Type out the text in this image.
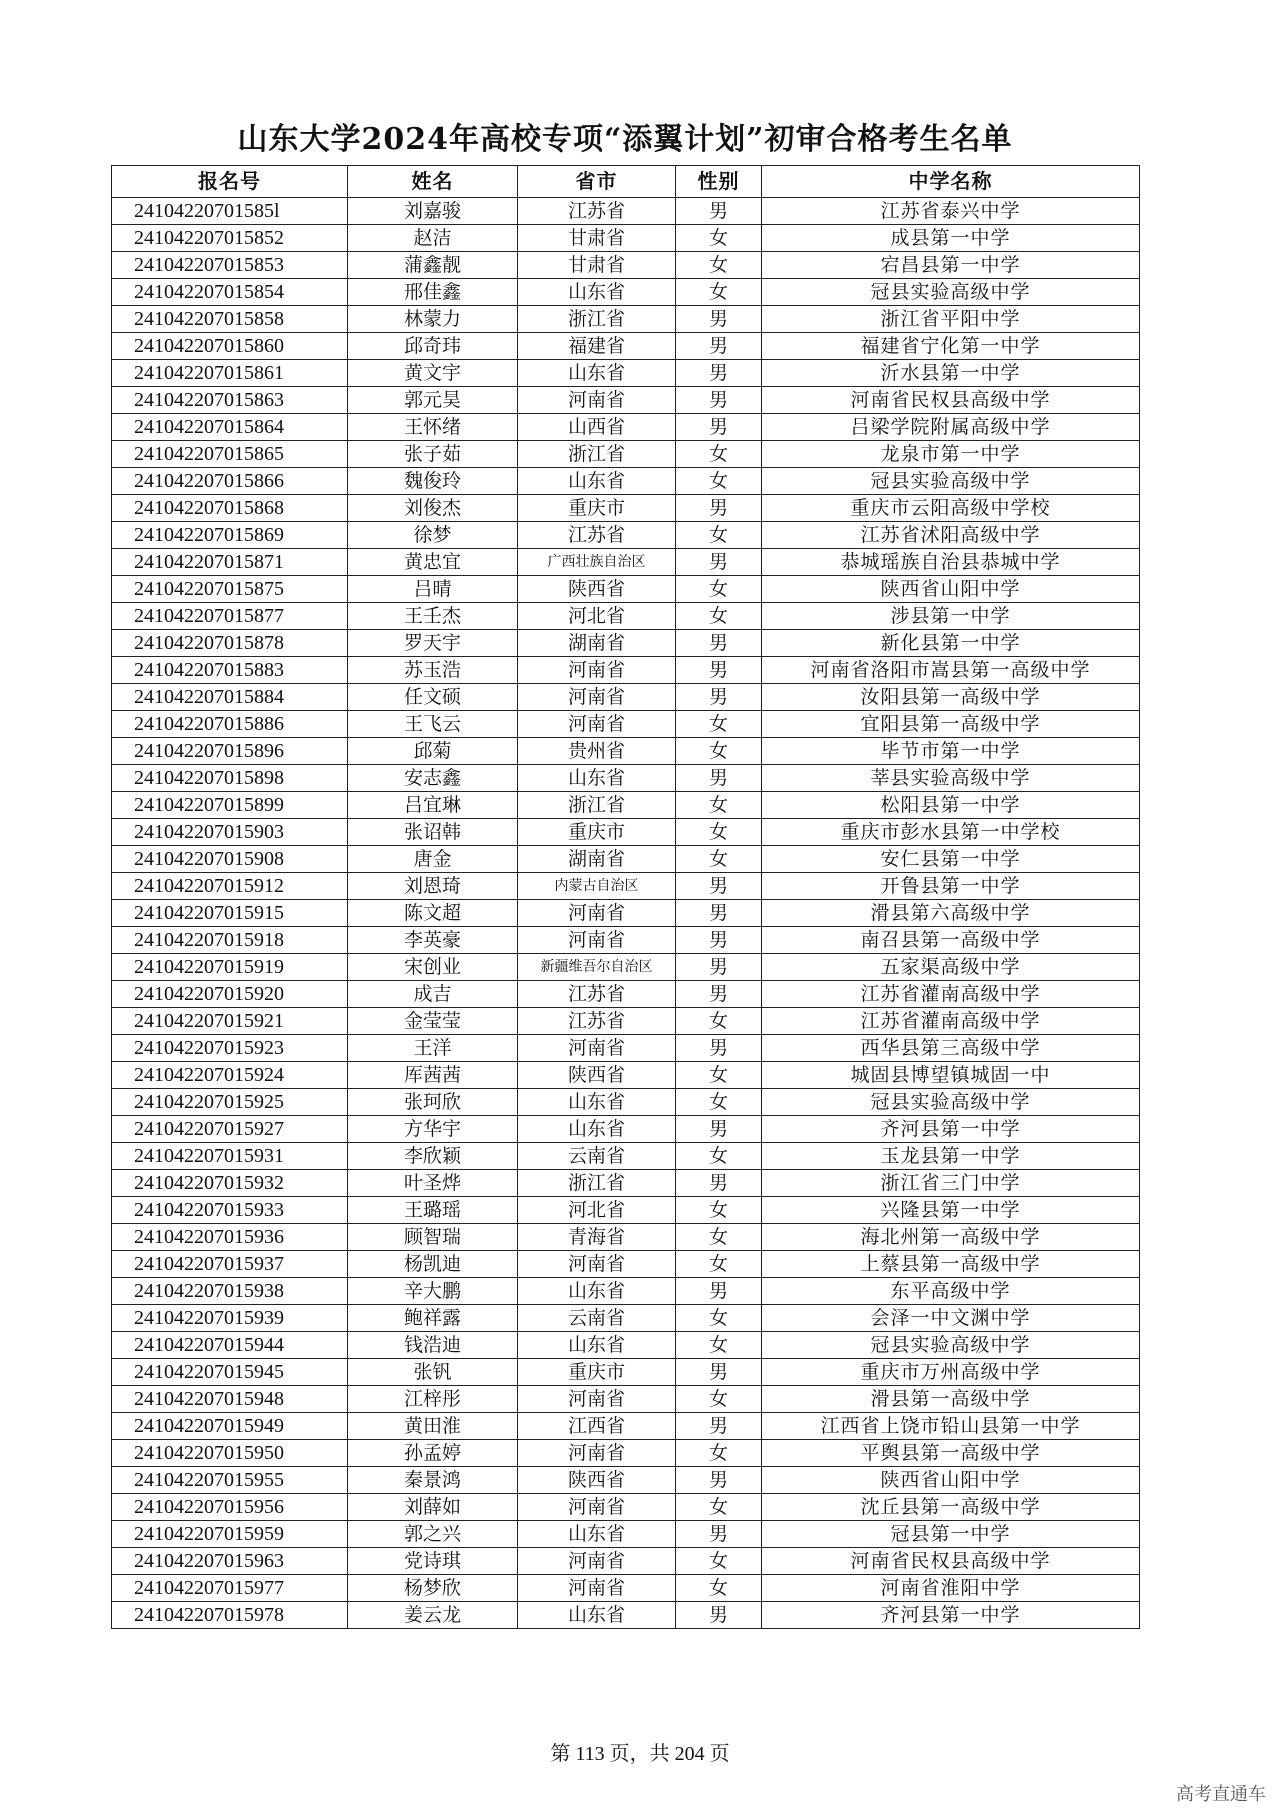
山东大学2024年高校专项“添翼计划”初审合格考生名单
报名号	姓名	省市	性别	中学名称
24104220701585l	刘嘉骏	江苏省	男	江苏省泰兴中学
241042207015852	赵洁	甘肃省	女	成县第一中学
241042207015853	蒲鑫靓	甘肃省	女	宕昌县第一中学
241042207015854	邢佳鑫	山东省	女	冠县实验高级中学
241042207015858	林蒙力	浙江省	男	浙江省平阳中学
241042207015860	邱奇玮	福建省	男	福建省宁化第一中学
241042207015861	黄文宇	山东省	男	沂水县第一中学
241042207015863	郭元昊	河南省	男	河南省民权县高级中学
241042207015864	王怀绪	山西省	男	吕梁学院附属高级中学
241042207015865	张子茹	浙江省	女	龙泉市第一中学
241042207015866	魏俊玲	山东省	女	冠县实验高级中学
241042207015868	刘俊杰	重庆市	男	重庆市云阳高级中学校
241042207015869	徐梦	江苏省	女	江苏省沭阳高级中学
241042207015871	黄忠宜	广西壮族自治区	男	恭城瑶族自治县恭城中学
241042207015875	吕晴	陕西省	女	陕西省山阳中学
241042207015877	王壬杰	河北省	女	涉县第一中学
241042207015878	罗天宇	湖南省	男	新化县第一中学
241042207015883	苏玉浩	河南省	男	河南省洛阳市嵩县第一高级中学
241042207015884	任文硕	河南省	男	汝阳县第一高级中学
241042207015886	王飞云	河南省	女	宜阳县第一高级中学
241042207015896	邱菊	贵州省	女	毕节市第一中学
241042207015898	安志鑫	山东省	男	莘县实验高级中学
241042207015899	吕宜琳	浙江省	女	松阳县第一中学
241042207015903	张诏韩	重庆市	女	重庆市彭水县第一中学校
241042207015908	唐金	湖南省	女	安仁县第一中学
241042207015912	刘恩琦	内蒙古自治区	男	开鲁县第一中学
241042207015915	陈文超	河南省	男	滑县第六高级中学
241042207015918	李英豪	河南省	男	南召县第一高级中学
241042207015919	宋创业	新疆维吾尔自治区	男	五家渠高级中学
241042207015920	成吉	江苏省	男	江苏省灌南高级中学
241042207015921	金莹莹	江苏省	女	江苏省灌南高级中学
241042207015923	王洋	河南省	男	西华县第三高级中学
241042207015924	厍茜茜	陕西省	女	城固县博望镇城固一中
241042207015925	张珂欣	山东省	女	冠县实验高级中学
241042207015927	方华宇	山东省	男	齐河县第一中学
241042207015931	李欣颖	云南省	女	玉龙县第一中学
241042207015932	叶圣烨	浙江省	男	浙江省三门中学
241042207015933	王璐瑶	河北省	女	兴隆县第一中学
241042207015936	顾智瑞	青海省	女	海北州第一高级中学
241042207015937	杨凯迪	河南省	女	上蔡县第一高级中学
241042207015938	辛大鹏	山东省	男	东平高级中学
241042207015939	鲍祥露	云南省	女	会泽一中文渊中学
241042207015944	钱浩迪	山东省	女	冠县实验高级中学
241042207015945	张钒	重庆市	男	重庆市万州高级中学
241042207015948	江梓彤	河南省	女	滑县第一高级中学
241042207015949	黄田淮	江西省	男	江西省上饶市铅山县第一中学
241042207015950	孙孟婷	河南省	女	平舆县第一高级中学
241042207015955	秦景鸿	陕西省	男	陕西省山阳中学
241042207015956	刘薛如	河南省	女	沈丘县第一高级中学
241042207015959	郭之兴	山东省	男	冠县第一中学
241042207015963	党诗琪	河南省	女	河南省民权县高级中学
241042207015977	杨梦欣	河南省	女	河南省淮阳中学
241042207015978	姜云龙	山东省	男	齐河县第一中学
第 113 页，共 204 页
高考直通车
